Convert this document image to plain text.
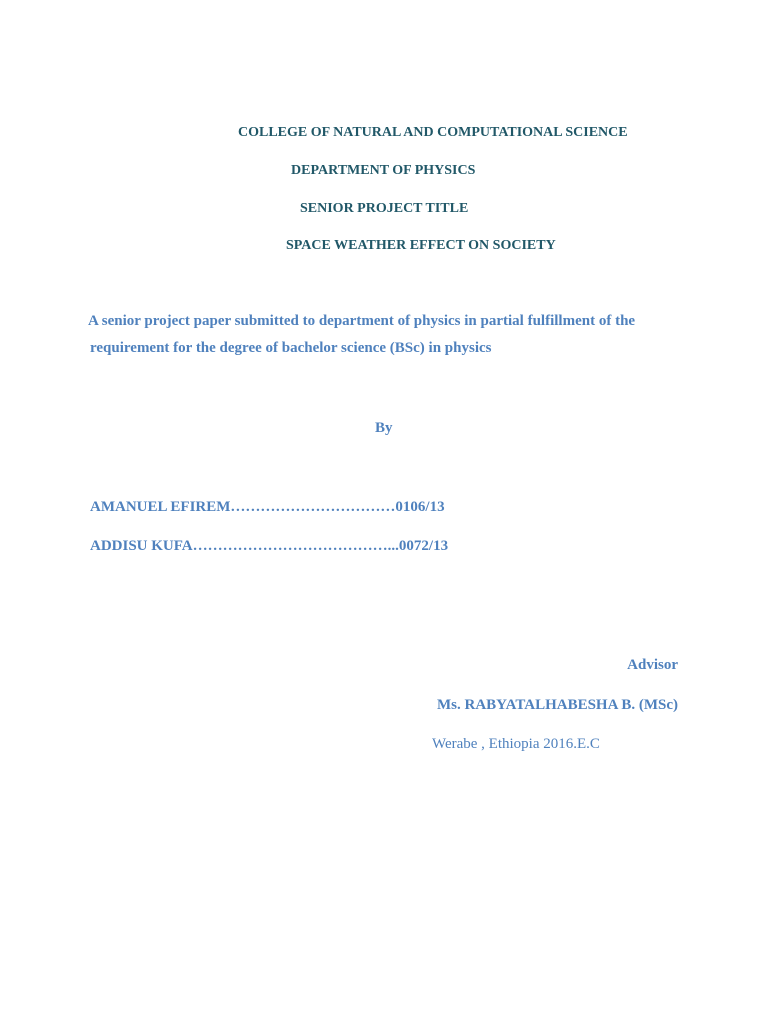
COLLEGE OF NATURAL AND COMPUTATIONAL SCIENCE
DEPARTMENT OF PHYSICS
SENIOR PROJECT TITLE
SPACE WEATHER EFFECT ON SOCIETY
A senior project paper submitted to department of physics in partial fulfillment of the
requirement for the degree of bachelor science (BSc) in physics
By
AMANUEL EFIREM……………………………0106/13
ADDISU KUFA…………………………………...0072/13
Advisor
Ms. RABYATALHABESHA B. (MSc)
Werabe , Ethiopia 2016.E.C
